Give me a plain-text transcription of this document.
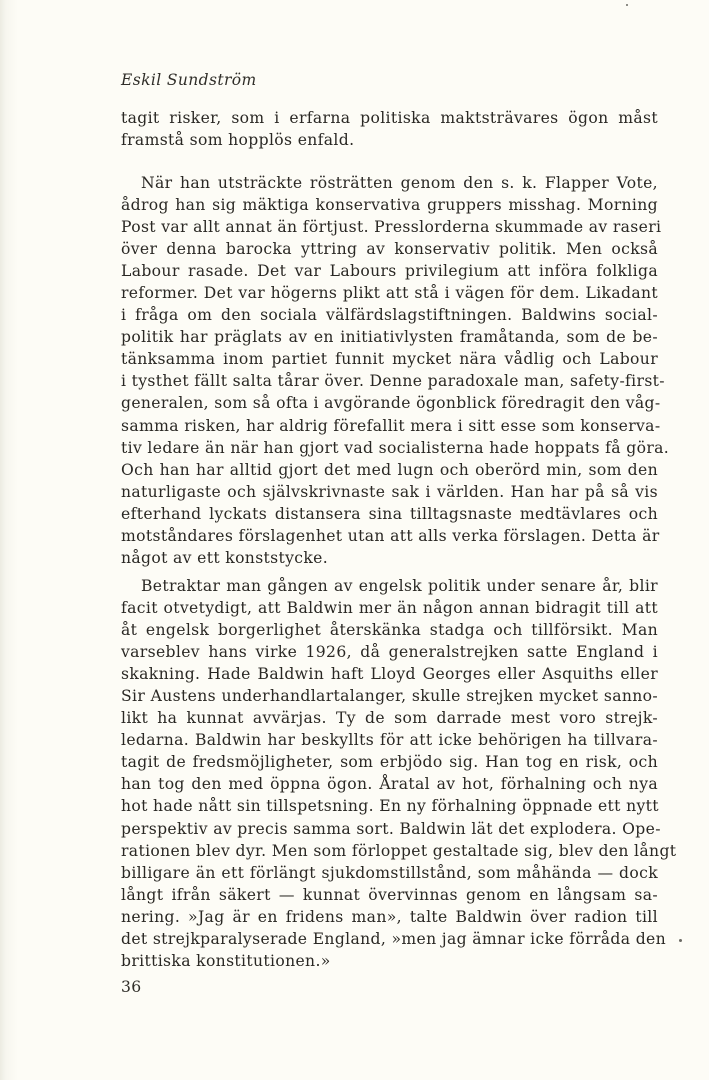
Eskil Sundström
tagit risker, som i erfarna politiska maktsträvares ögon måst
framstå som hopplös enfald.
När han utsträckte rösträtten genom den s. k. Flapper Vote,
ådrog han sig mäktiga konservativa gruppers misshag. Morning
Post var allt annat än förtjust. Presslorderna skummade av raseri
över denna barocka yttring av konservativ politik. Men också
Labour rasade. Det var Labours privilegium att införa folkliga
reformer. Det var högerns plikt att stå i vägen för dem. Likadant
i fråga om den sociala välfärdslagstiftningen. Baldwins social-
politik har präglats av en initiativlysten framåtanda, som de be-
tänksamma inom partiet funnit mycket nära vådlig och Labour
i tysthet fällt salta tårar över. Denne paradoxale man, safety-first-
generalen, som så ofta i avgörande ögonblick föredragit den våg-
samma risken, har aldrig förefallit mera i sitt esse som konserva-
tiv ledare än när han gjort vad socialisterna hade hoppats få göra.
Och han har alltid gjort det med lugn och oberörd min, som den
naturligaste och självskrivnaste sak i världen. Han har på så vis
efterhand lyckats distansera sina tilltagsnaste medtävlares och
motståndares förslagenhet utan att alls verka förslagen. Detta är
något av ett konststycke.
Betraktar man gången av engelsk politik under senare år, blir
facit otvetydigt, att Baldwin mer än någon annan bidragit till att
åt engelsk borgerlighet återskänka stadga och tillförsikt. Man
varseblev hans virke 1926, då generalstrejken satte England i
skakning. Hade Baldwin haft Lloyd Georges eller Asquiths eller
Sir Austens underhandlartalanger, skulle strejken mycket sanno-
likt ha kunnat avvärjas. Ty de som darrade mest voro strejk-
ledarna. Baldwin har beskyllts för att icke behörigen ha tillvara-
tagit de fredsmöjligheter, som erbjödo sig. Han tog en risk, och
han tog den med öppna ögon. Åratal av hot, förhalning och nya
hot hade nått sin tillspetsning. En ny förhalning öppnade ett nytt
perspektiv av precis samma sort. Baldwin lät det explodera. Ope-
rationen blev dyr. Men som förloppet gestaltade sig, blev den långt
billigare än ett förlängt sjukdomstillstånd, som måhända — dock
långt ifrån säkert — kunnat övervinnas genom en långsam sa-
nering. »Jag är en fridens man», talte Baldwin över radion till
det strejkparalyserade England, »men jag ämnar icke förråda den
brittiska konstitutionen.»
36
